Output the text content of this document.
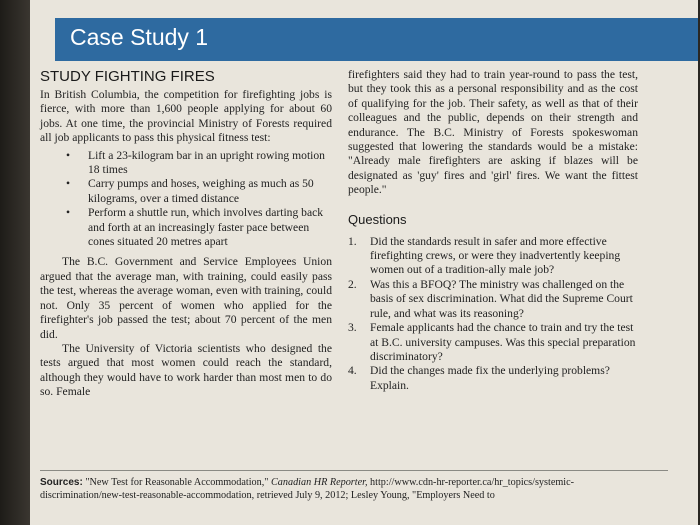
Case Study 1
STUDY FIGHTING FIRES

In British Columbia, the competition for firefighting jobs is fierce, with more than 1,600 people applying for about 60 jobs. At one time, the provincial Ministry of Forests required all job applicants to pass this physical fitness test:

• Lift a 23-kilogram bar in an upright rowing motion 18 times
• Carry pumps and hoses, weighing as much as 50 kilograms, over a timed distance
• Perform a shuttle run, which involves darting back and forth at an increasingly faster pace between cones situated 20 metres apart

The B.C. Government and Service Employees Union argued that the average man, with training, could easily pass the test, whereas the average woman, even with training, could not. Only 35 percent of women who applied for the firefighter's job passed the test; about 70 percent of the men did.

The University of Victoria scientists who designed the tests argued that most women could reach the standard, although they would have to work harder than most men to do so. Female

firefighters said they had to train year-round to pass the test, but they took this as a personal responsibility and as the cost of qualifying for the job. Their safety, as well as that of their colleagues and the public, depends on their strength and endurance. The B.C. Ministry of Forests spokeswoman suggested that lowering the standards would be a mistake: "Already male firefighters are asking if blazes will be designated as 'guy' fires and 'girl' fires. We want the fittest people."

Questions
1. Did the standards result in safer and more effective firefighting crews, or were they inadvertently keeping women out of a tradition-ally male job?
2. Was this a BFOQ? The ministry was challenged on the basis of sex discrimination. What did the Supreme Court rule, and what was its reasoning?
3. Female applicants had the chance to train and try the test at B.C. university campuses. Was this special preparation discriminatory?
4. Did the changes made fix the underlying problems? Explain.
Sources: "New Test for Reasonable Accommodation," Canadian HR Reporter, http://www.cdn-hr-reporter.ca/hr_topics/systemic-discrimination/new-test-reasonable-accommodation, retrieved July 9, 2012; Lesley Young, "Employers Need to
